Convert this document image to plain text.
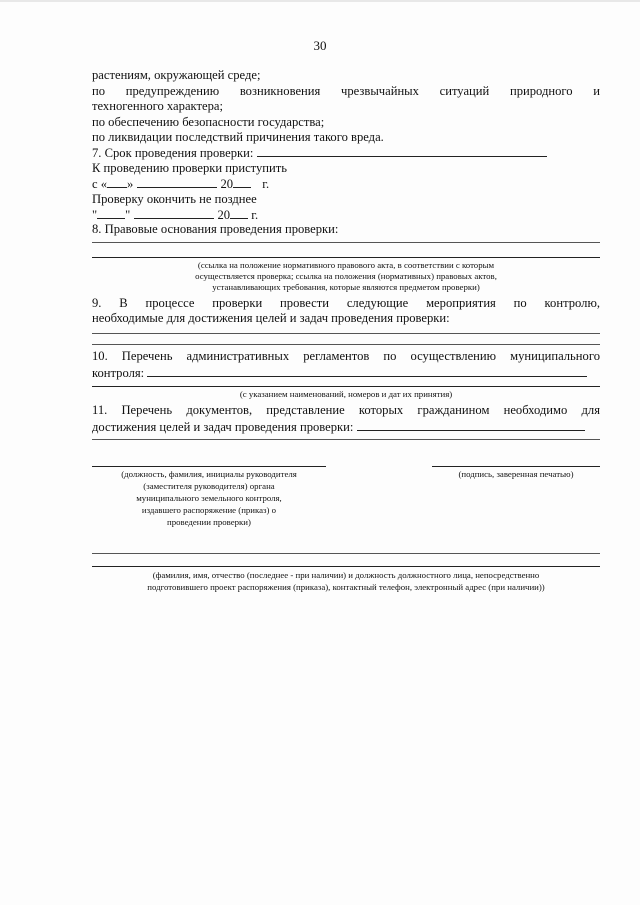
30
растениям, окружающей среде;
по предупреждению возникновения чрезвычайных ситуаций природного и
техногенного характера;
по обеспечению безопасности государства;
по ликвидации последствий причинения такого вреда.
7. Срок проведения проверки:
К проведению проверки приступить
с « »	20 г.
Проверку окончить не позднее
" "	20 г.
8. Правовые основания проведения проверки:
(ссылка на положение нормативного правового акта, в соответствии с которым
осуществляется проверка; ссылка на положения (нормативных) правовых актов,
устанавливающих требования, которые являются предметом проверки)
9. В процессе проверки провести следующие мероприятия по контролю,
необходимые для достижения целей и задач проведения проверки:
10. Перечень административных регламентов по осуществлению муниципального
контроля:
(с указанием наименований, номеров и дат их принятия)
11. Перечень документов, представление которых гражданином необходимо для
достижения целей и задач проведения проверки:
(должность, фамилия, инициалы руководителя	(подпись, заверенная печатью)
(заместителя руководителя) органа
муниципального земельного контроля,
издавшего распоряжение (приказ) о
проведении проверки)
(фамилия, имя, отчество (последнее - при наличии) и должность должностного лица, непосредственно
подготовившего проект распоряжения (приказа), контактный телефон, электронный адрес (при наличии))
